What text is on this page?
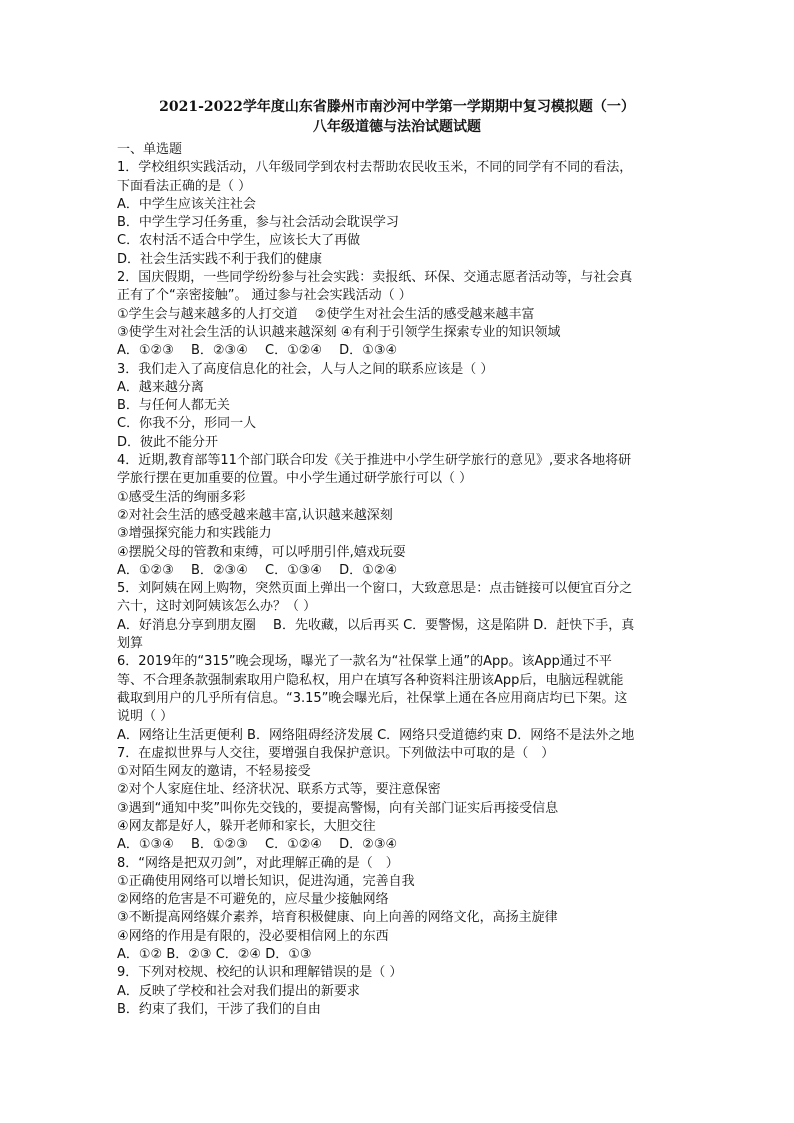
2021-2022学年度山东省滕州市南沙河中学第一学期期中复习模拟题（一）
八年级道德与法治试题试题
一、单选题
1．学校组织实践活动，八年级同学到农村去帮助农民收玉米，不同的同学有不同的看法，
下面看法正确的是（ ）
A．中学生应该关注社会
B．中学生学习任务重，参与社会活动会耽误学习
C．农村活不适合中学生，应该长大了再做
D．社会生活实践不利于我们的健康
2．国庆假期，一些同学纷纷参与社会实践：卖报纸、环保、交通志愿者活动等，与社会真
正有了个“亲密接触”。 通过参与社会实践活动（ ）
①学生会与越来越多的人打交道　 ②使学生对社会生活的感受越来越丰富
③使学生对社会生活的认识越来越深刻 ④有利于引领学生探索专业的知识领域
A．①②③　 B．②③④　 C．①②④　 D．①③④
3．我们走入了高度信息化的社会，人与人之间的联系应该是（ ）
A．越来越分离
B．与任何人都无关
C．你我不分，形同一人
D．彼此不能分开
4．近期,教育部等11个部门联合印发《关于推进中小学生研学旅行的意见》,要求各地将研
学旅行摆在更加重要的位置。中小学生通过研学旅行可以（ ）
①感受生活的绚丽多彩
②对社会生活的感受越来越丰富,认识越来越深刻
③增强探究能力和实践能力
④摆脱父母的管教和束缚，可以呼朋引伴,嬉戏玩耍
A．①②③　 B．②③④　 C．①③④　 D．①②④
5．刘阿姨在网上购物，突然页面上弹出一个窗口，大致意思是：点击链接可以便宜百分之
六十，这时刘阿姨该怎么办？（ ）
A．好消息分享到朋友圈　 B．先收藏，以后再买 C．要警惕，这是陷阱 D．赶快下手，真
划算
6．2019年的“315”晚会现场，曝光了一款名为“社保掌上通”的App。该App通过不平
等、不合理条款强制索取用户隐私权，用户在填写各种资料注册该App后，电脑远程就能
截取到用户的几乎所有信息。“3.15”晚会曝光后，社保掌上通在各应用商店均已下架。这
说明（ ）
A．网络让生活更便利 B．网络阻碍经济发展 C．网络只受道德约束 D．网络不是法外之地
7．在虚拟世界与人交往，要增强自我保护意识。下列做法中可取的是（　）
①对陌生网友的邀请，不轻易接受
②对个人家庭住址、经济状况、联系方式等，要注意保密
③遇到“通知中奖”叫你先交钱的，要提高警惕，向有关部门证实后再接受信息
④网友都是好人，躲开老师和家长，大胆交往
A．①③④　 B．①②③　 C．①②④　 D．②③④
8．“网络是把双刃剑”，对此理解正确的是（　）
①正确使用网络可以增长知识，促进沟通，完善自我
②网络的危害是不可避免的，应尽量少接触网络
③不断提高网络媒介素养，培育积极健康、向上向善的网络文化，高扬主旋律
④网络的作用是有限的，没必要相信网上的东西
A．①② B．②③ C．②④ D．①③
9．下列对校规、校纪的认识和理解错误的是（ ）
A．反映了学校和社会对我们提出的新要求
B．约束了我们，干涉了我们的自由
